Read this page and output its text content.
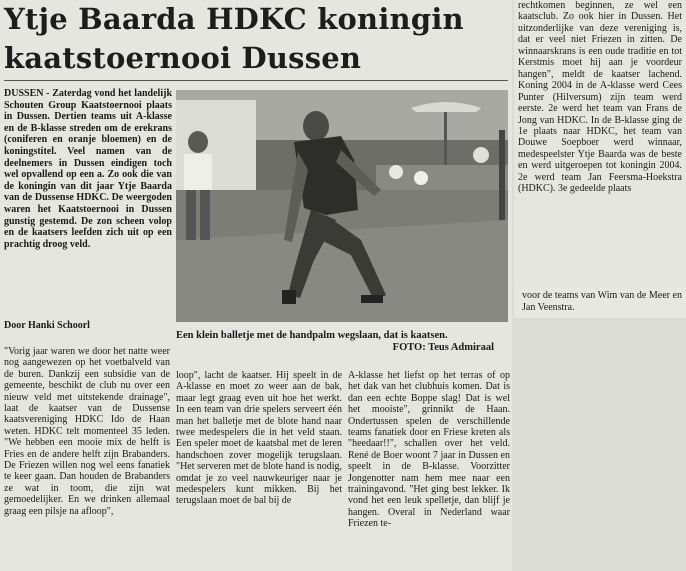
Ytje Baarda HDKC koningin kaatstoernooi Dussen
DUSSEN - Zaterdag vond het landelijk Schouten Group Kaatstoernooi plaats in Dussen. Dertien teams uit A-klasse en de B-klasse streden om de erekrans (coniferen en oranje bloemen) en de koningstitel. Veel namen van de deelnemers in Dussen eindigen toch wel opvallend op een a. Zo ook die van de koningin van dit jaar Ytje Baarda van de Dussense HDKC. De weergoden waren het Kaatstoernooi in Dussen gunstig gestemd. De zon scheen volop en de kaatsers leefden zich uit op een prachtig droog veld.
Door Hanki Schoorl
Een klein balletje met de handpalm wegslaan, dat is kaatsen.
FOTO: Teus Admiraal
"Vorig jaar waren we door het natte weer nog aangewezen op het voetbalveld van de buren. Dankzij een subsidie van de gemeente, beschikt de club nu over een nieuw veld met uitstekende drainage", laat de kaatser van de Dussense kaatsvereniging HDKC Ido de Haan weten. HDKC telt momenteel 35 leden. "We hebben een mooie mix de helft is Fries en de andere helft zijn Brabanders. De Friezen willen nog wel eens fanatiek te keer gaan. Dan houden de Brabanders ze wat in toom, die zijn wat gemoedelijker. En we drinken allemaal graag een pilsje na afloop",
loop", lacht de kaatser. Hij speelt in de A-klasse en moet zo weer aan de bak, maar legt graag even uit hoe het werkt. In een team van drie spelers serveert één man het balletje met de blote hand naar twee medespelers die in het veld staan. Een speler moet de kaatsbal met de leren handschoen zover mogelijk terugslaan. "Het serveren met de blote hand is nodig, omdat je zo veel nauwkeuriger naar je medespelers kunt mikken. Bij het terugslaan moet de bal bij de
A-klasse het liefst op het terras of op het dak van het clubhuis komen. Dat is dan een echte Boppe slag! Dat is wel het mooiste", grinnikt de Haan. Ondertussen spelen de verschillende teams fanatiek door en Friese kreten als "heedaar!!", schallen over het veld. René de Boer woont 7 jaar in Dussen en speelt in de B-klasse. Voorzitter Jongenotter nam hem mee naar een trainingavond. "Het ging best lekker. Ik vond het een leuk spelletje, dan blijf je hangen. Overal in Nederland waar Friezen te-
rechtkomen beginnen, ze wel een kaatsclub. Zo ook hier in Dussen. Het uitzonderlijke van deze vereniging is, dat er veel niet Friezen in zitten. De winnaarskrans is een oude traditie en tot Kerstmis moet hij aan je voordeur hangen", meldt de kaatser lachend. Koning 2004 in de A-klasse werd Cees Punter (Hilversum) zijn team werd eerste. 2e werd het team van Frans de Jong van HDKC. In de B-klasse ging de 1e plaats naar HDKC, het team van Douwe Soepboer werd winnaar, medespeelster Ytje Baarda was de beste en werd uitgeroepen tot koningin 2004. 2e werd team Jan Feersma-Hoekstra (HDKC). 3e gedeelde plaats
voor de teams van Wim van de Meer en Jan Veenstra.
